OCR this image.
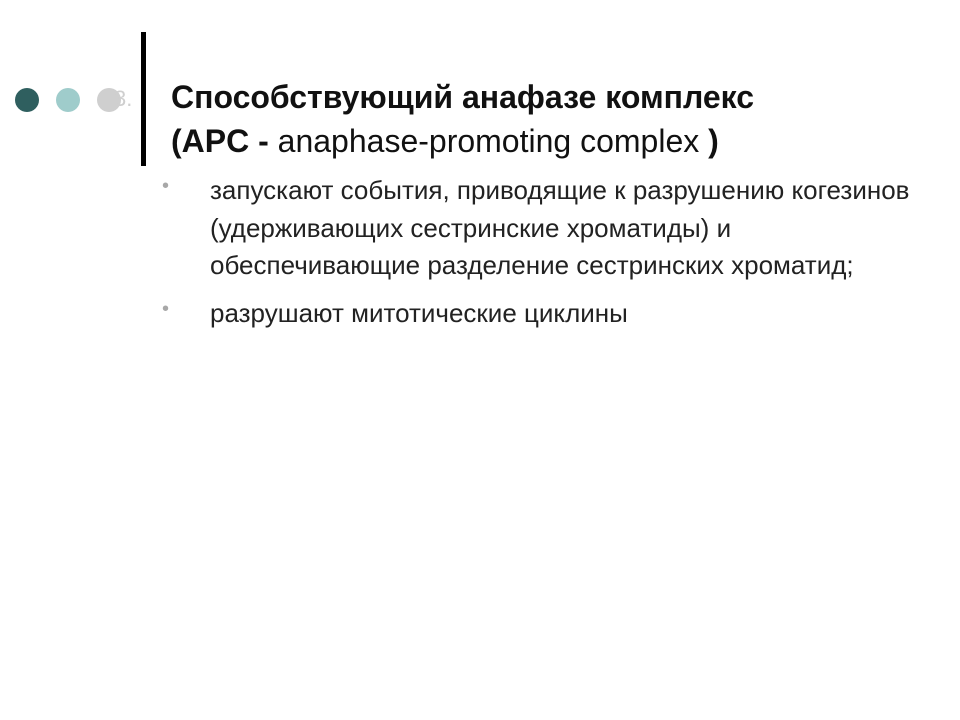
3. Способствующий анафазе комплекс
(APC - anaphase-promoting complex )
• запускают события, приводящие к разрушению когезинов (удерживающих сестринские хроматиды) и обеспечивающие разделение сестринских хроматид;
• разрушают митотические циклины
